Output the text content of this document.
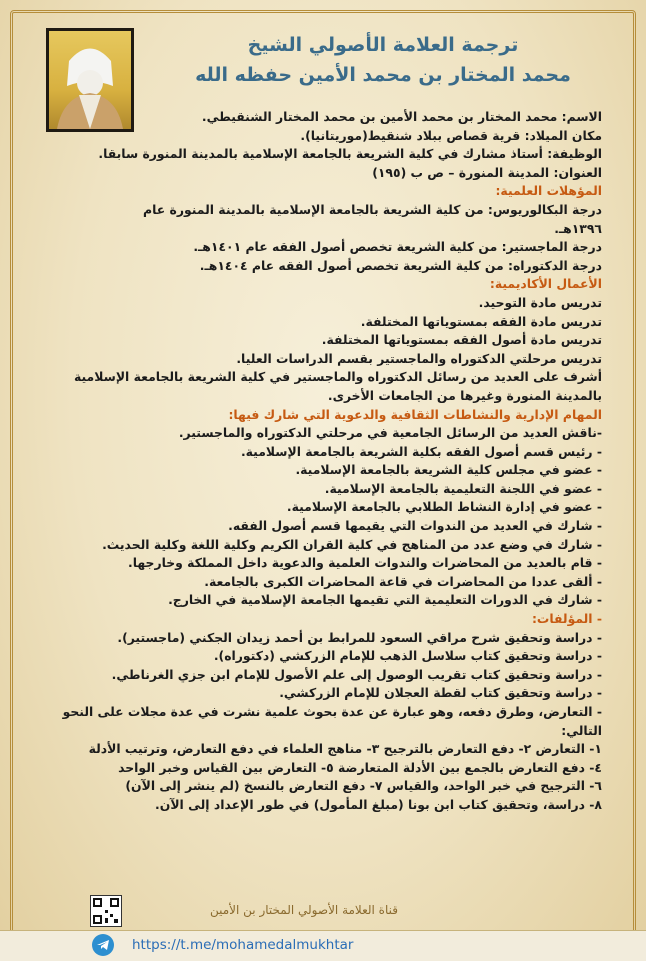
ترجمة العلامة الأصولي الشيخ
محمد المختار بن محمد الأمين حفظه الله
الاسم: محمد المختار بن محمد الأمين بن محمد المختار الشنقيطي.
مكان الميلاد: قرية قصاص ببلاد شنقيط(موريتانيا).
الوظيفة: أستاذ مشارك في كلية الشريعة بالجامعة الإسلامية بالمدينة المنورة سابقا.
العنوان: المدينة المنورة – ص ب (١٩٥)
المؤهلات العلمية:
درجة البكالوريوس: من كلية الشريعة بالجامعة الإسلامية بالمدينة المنورة عام
١٣٩٦هـ.
درجة الماجستير: من كلية الشريعة تخصص أصول الفقه عام ١٤٠١هـ.
درجة الدكتوراه: من كلية الشريعة تخصص أصول الفقه عام ١٤٠٤هـ.
الأعمال الأكاديمية:
تدريس مادة التوحيد.
تدريس مادة الفقه بمستوياتها المختلفة.
تدريس مادة أصول الفقه بمستوياتها المختلفة.
تدريس مرحلتي الدكتوراه والماجستير بقسم الدراسات العليا.
أشرف على العديد من رسائل الدكتوراه والماجستير في كلية الشريعة بالجامعة الإسلامية
بالمدينة المنورة وغيرها من الجامعات الأخرى.
المهام الإدارية والنشاطات الثقافية والدعوية التي شارك فيها:
-ناقش العديد من الرسائل الجامعية في مرحلتي الدكتوراه والماجستير.
- رئيس قسم أصول الفقه بكلية الشريعة بالجامعة الإسلامية.
- عضو في مجلس كلية الشريعة بالجامعة الإسلامية.
- عضو في اللجنة التعليمية بالجامعة الإسلامية.
- عضو في إدارة النشاط الطلابي بالجامعة الإسلامية.
- شارك في العديد من الندوات التي يقيمها قسم أصول الفقه.
- شارك في وضع عدد من المناهج في كلية القران الكريم وكلية اللغة وكلية الحديث.
- قام بالعديد من المحاضرات والندوات العلمية والدعوية داخل المملكة وخارجها.
- ألقى عددا من المحاضرات في قاعة المحاضرات الكبرى بالجامعة.
- شارك في الدورات التعليمية التي تقيمها الجامعة الإسلامية في الخارج.
- المؤلفات:
- دراسة وتحقيق شرح مراقي السعود للمرابط بن أحمد زيدان الجكني (ماجستير).
- دراسة وتحقيق كتاب سلاسل الذهب للإمام الزركشي (دكتوراه).
- دراسة وتحقيق كتاب تقريب الوصول إلى علم الأصول للإمام ابن جزي الغرناطي.
- دراسة وتحقيق كتاب لقطة العجلان للإمام الزركشي.
- التعارض، وطرق دفعه، وهو عبارة عن عدة بحوث علمية نشرت في عدة مجلات على النحو
التالي:
١- التعارض ٢- دفع التعارض بالترجيح ٣- مناهج العلماء في دفع التعارض، وترتيب الأدلة
٤- دفع التعارض بالجمع بين الأدلة المتعارضة ٥- التعارض بين القياس وخبر الواحد
٦- الترجيح في خبر الواحد، والقياس ٧- دفع التعارض بالنسخ (لم ينشر إلى الآن)
٨- دراسة، وتحقيق كتاب ابن بونا (مبلغ المأمول) في طور الإعداد إلى الآن.
قناة العلامة الأصولي المختار بن الأمين
https://t.me/mohamedalmukhtar
